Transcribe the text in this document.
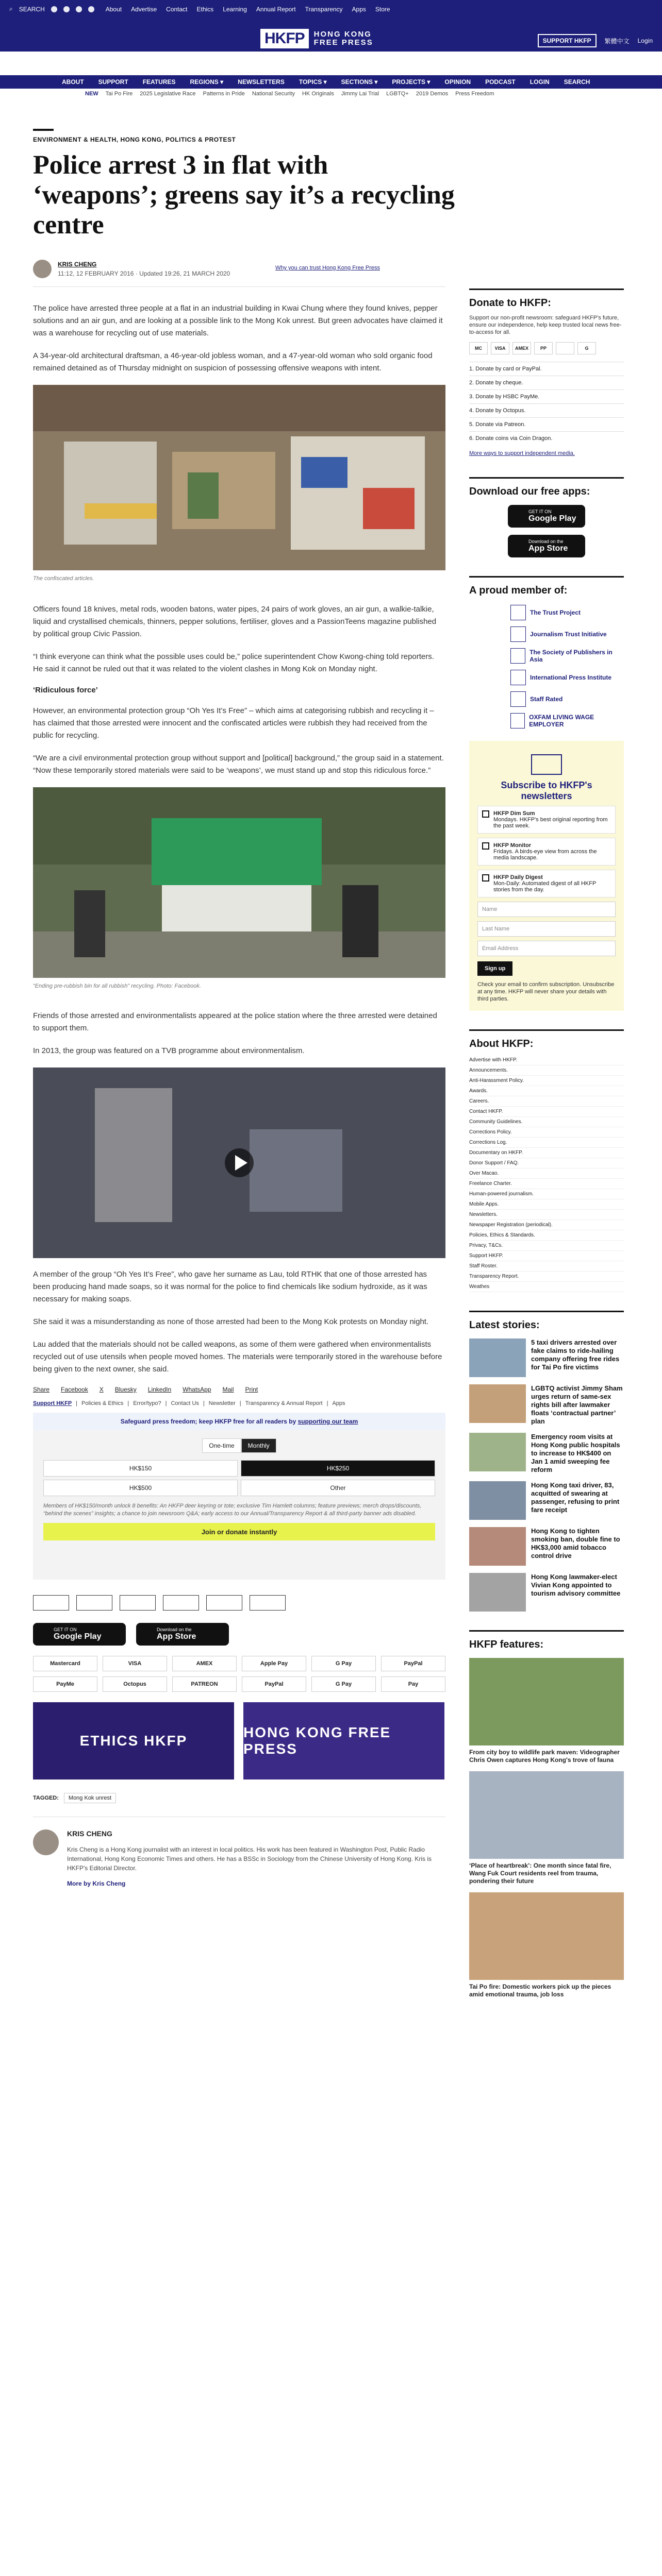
⌕ SEARCH	About Advertise Contact Ethics Learning Annual Report Transparency Apps Store
HKFP	HONG KONG
FREE PRESS	SUPPORT HKFP	繁體中文 Login
ABOUT SUPPORT FEATURES REGIONS ▾ NEWSLETTERS TOPICS ▾ SECTIONS ▾ PROJECTS ▾ OPINION PODCAST LOGIN SEARCH
NEW Tai Po Fire 2025 Legislative Race Patterns in Pride National Security HK Originals Jimmy Lai Trial LGBTQ+ 2019 Demos Press Freedom
ENVIRONMENT & HEALTH, HONG KONG, POLITICS & PROTEST
Police arrest 3 in flat with ‘weapons’; greens say it’s a recycling centre
KRIS CHENG
11:12, 12 FEBRUARY 2016 · Updated 19:26, 21 MARCH 2020
Why you can trust Hong Kong Free Press

The police have arrested three people at a flat in an industrial building in Kwai Chung where they found knives, pepper solutions and an air gun, and are looking at a possible link to the Mong Kok unrest. But green advocates have claimed it was a warehouse for recycling out of use materials.

A 34-year-old architectural draftsman, a 46-year-old jobless woman, and a 47-year-old woman who sold organic food remained detained as of Thursday midnight on suspicion of possessing offensive weapons with intent.

The confiscated articles.

Officers found 18 knives, metal rods, wooden batons, water pipes, 24 pairs of work gloves, an air gun, a walkie-talkie, liquid and crystallised chemicals, thinners, pepper solutions, fertiliser, gloves and a PassionTeens magazine published by political group Civic Passion.

“I think everyone can think what the possible uses could be,” police superintendent Chow Kwong-ching told reporters. He said it cannot be ruled out that it was related to the violent clashes in Mong Kok on Monday night.

‘Ridiculous force’

However, an environmental protection group “Oh Yes It’s Free” – which aims at categorising rubbish and recycling it – has claimed that those arrested were innocent and the confiscated articles were rubbish they had received from the public for recycling.

“We are a civil environmental protection group without support and [political] background,” the group said in a statement. “Now these temporarily stored materials were said to be ‘weapons’, we must stand up and stop this ridiculous force.”

“Ending pre-rubbish bin for all rubbish” recycling. Photo: Facebook.

Friends of those arrested and environmentalists appeared at the police station where the three arrested were detained to support them.

In 2013, the group was featured on a TVB programme about environmentalism.

A member of the group “Oh Yes It’s Free”, who gave her surname as Lau, told RTHK that one of those arrested has been producing hand made soaps, so it was normal for the police to find chemicals like sodium hydroxide, as it was necessary for making soaps.

She said it was a misunderstanding as none of those arrested had been to the Mong Kok protests on Monday night.

Lau added that the materials should not be called weapons, as some of them were gathered when environmentalists recycled out of use utensils when people moved homes. The materials were temporarily stored in the warehouse before being given to the next owner, she said.

Share Facebook X Bluesky LinkedIn WhatsApp Mail Print
Support HKFP | Policies & Ethics | Error/typo? | Contact Us | Newsletter | Transparency & Annual Report | Apps
Safeguard press freedom; keep HKFP free for all readers by supporting our team
One-time	Monthly
HK$150	HK$250
HK$500	Other
Members of HK$150/month unlock 8 benefits: An HKFP deer keyring or tote; exclusive Tim Hamlett columns; feature previews; merch drops/discounts, “behind the scenes” insights; a chance to join newsroom Q&A; early access to our Annual/Transparency Report & all third-party banner ads disabled.
Join or donate instantly
GET IT ON
Google Play
Download on the
App Store
Mastercard	VISA	AMEX	Apple Pay	G Pay	PayPal
PayMe	Octopus	PATREON	PayPal	G Pay	Pay
ETHICS HKFP
HONG KONG FREE PRESS
TAGGED:	Mong Kok unrest
KRIS CHENG
Kris Cheng is a Hong Kong journalist with an interest in local politics. His work has been featured in Washington Post, Public Radio International, Hong Kong Economic Times and others. He has a BSSc in Sociology from the Chinese University of Hong Kong. Kris is HKFP's Editorial Director.
More by Kris Cheng
Donate to HKFP:
Support our non-profit newsroom: safeguard HKFP's future, ensure our independence, help keep trusted local news free-to-access for all.
MC	VISA	AMEX	PP	G
1. Donate by card or PayPal.
2. Donate by cheque.
3. Donate by HSBC PayMe.
4. Donate by Octopus.
5. Donate via Patreon.
6. Donate coins via Coin Dragon.
More ways to support independent media.
Download our free apps:
GET IT ON
Google Play
Download on the
App Store
A proud member of:
The Trust Project
Journalism Trust Initiative
The Society of Publishers in Asia
International Press Institute
Staff Rated
OXFAM LIVING WAGE EMPLOYER
Subscribe to HKFP's newsletters
HKFP Dim Sum
Mondays. HKFP's best original reporting from the past week.
HKFP Monitor
Fridays. A birds-eye view from across the media landscape.
HKFP Daily Digest
Mon-Daily: Automated digest of all HKFP stories from the day.
Name
Last Name
Email Address
Sign up
Check your email to confirm subscription. Unsubscribe at any time. HKFP will never share your details with third parties.
About HKFP:
Advertise with HKFP.
Announcements.
Anti-Harassment Policy.
Awards.
Careers.
Contact HKFP.
Community Guidelines.
Corrections Policy.
Corrections Log.
Documentary on HKFP.
Donor Support / FAQ.
Over Macao.
Freelance Charter.
Human-powered journalism.
Mobile Apps.
Newsletters.
Newspaper Registration (periodical).
Policies, Ethics & Standards.
Privacy, T&Cs.
Support HKFP.
Staff Roster.
Transparency Report.
Weathes
Latest stories:
5 taxi drivers arrested over fake claims to ride-hailing company offering free rides for Tai Po fire victims
LGBTQ activist Jimmy Sham urges return of same-sex rights bill after lawmaker floats ‘contractual partner’ plan
Emergency room visits at Hong Kong public hospitals to increase to HK$400 on Jan 1 amid sweeping fee reform
Hong Kong taxi driver, 83, acquitted of swearing at passenger, refusing to print fare receipt
Hong Kong to tighten smoking ban, double fine to HK$3,000 amid tobacco control drive
Hong Kong lawmaker-elect Vivian Kong appointed to tourism advisory committee
HKFP features:
From city boy to wildlife park maven: Videographer Chris Owen captures Hong Kong's trove of fauna
‘Place of heartbreak’: One month since fatal fire, Wang Fuk Court residents reel from trauma, pondering their future
Tai Po fire: Domestic workers pick up the pieces amid emotional trauma, job loss
